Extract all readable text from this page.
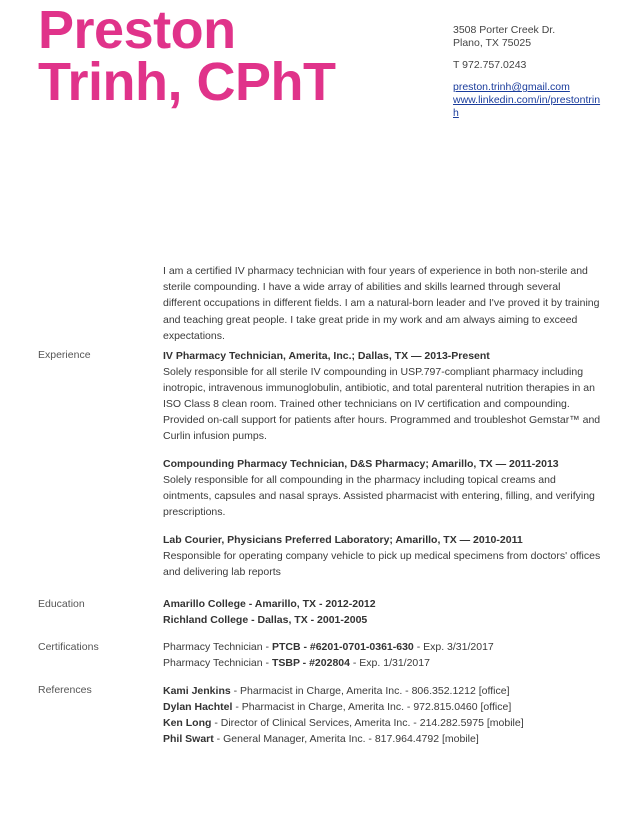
Preston
Trinh, CPhT
3508 Porter Creek Dr.
Plano, TX 75025
T 972.757.0243
preston.trinh@gmail.com
www.linkedin.com/in/prestontrinh
I am a certified IV pharmacy technician with four years of experience in both non-sterile and sterile compounding. I have a wide array of abilities and skills learned through several different occupations in different fields. I am a natural-born leader and I've proved it by training and teaching great people. I take great pride in my work and am always aiming to exceed expectations.
Experience	IV Pharmacy Technician, Amerita, Inc.; Dallas, TX — 2013-Present
Solely responsible for all sterile IV compounding in USP.797-compliant pharmacy including inotropic, intravenous immunoglobulin, antibiotic, and total parenteral nutrition therapies in an ISO Class 8 clean room. Trained other technicians on IV certification and compounding. Provided on-call support for patients after hours. Programmed and troubleshot Gemstar™ and Curlin infusion pumps.
Compounding Pharmacy Technician, D&S Pharmacy; Amarillo, TX — 2011-2013
Solely responsible for all compounding in the pharmacy including topical creams and ointments, capsules and nasal sprays. Assisted pharmacist with entering, filling, and verifying prescriptions.
Lab Courier, Physicians Preferred Laboratory; Amarillo, TX — 2010-2011
Responsible for operating company vehicle to pick up medical specimens from doctors' offices and delivering lab reports
Education	Amarillo College - Amarillo, TX - 2012-2012
Richland College - Dallas, TX - 2001-2005
Certifications	Pharmacy Technician - PTCB - #6201-0701-0361-630 - Exp. 3/31/2017
Pharmacy Technician - TSBP - #202804 - Exp. 1/31/2017
References	Kami Jenkins - Pharmacist in Charge, Amerita Inc. - 806.352.1212 [office]
Dylan Hachtel - Pharmacist in Charge, Amerita Inc. - 972.815.0460 [office]
Ken Long - Director of Clinical Services, Amerita Inc. - 214.282.5975 [mobile]
Phil Swart - General Manager, Amerita Inc. - 817.964.4792 [mobile]
